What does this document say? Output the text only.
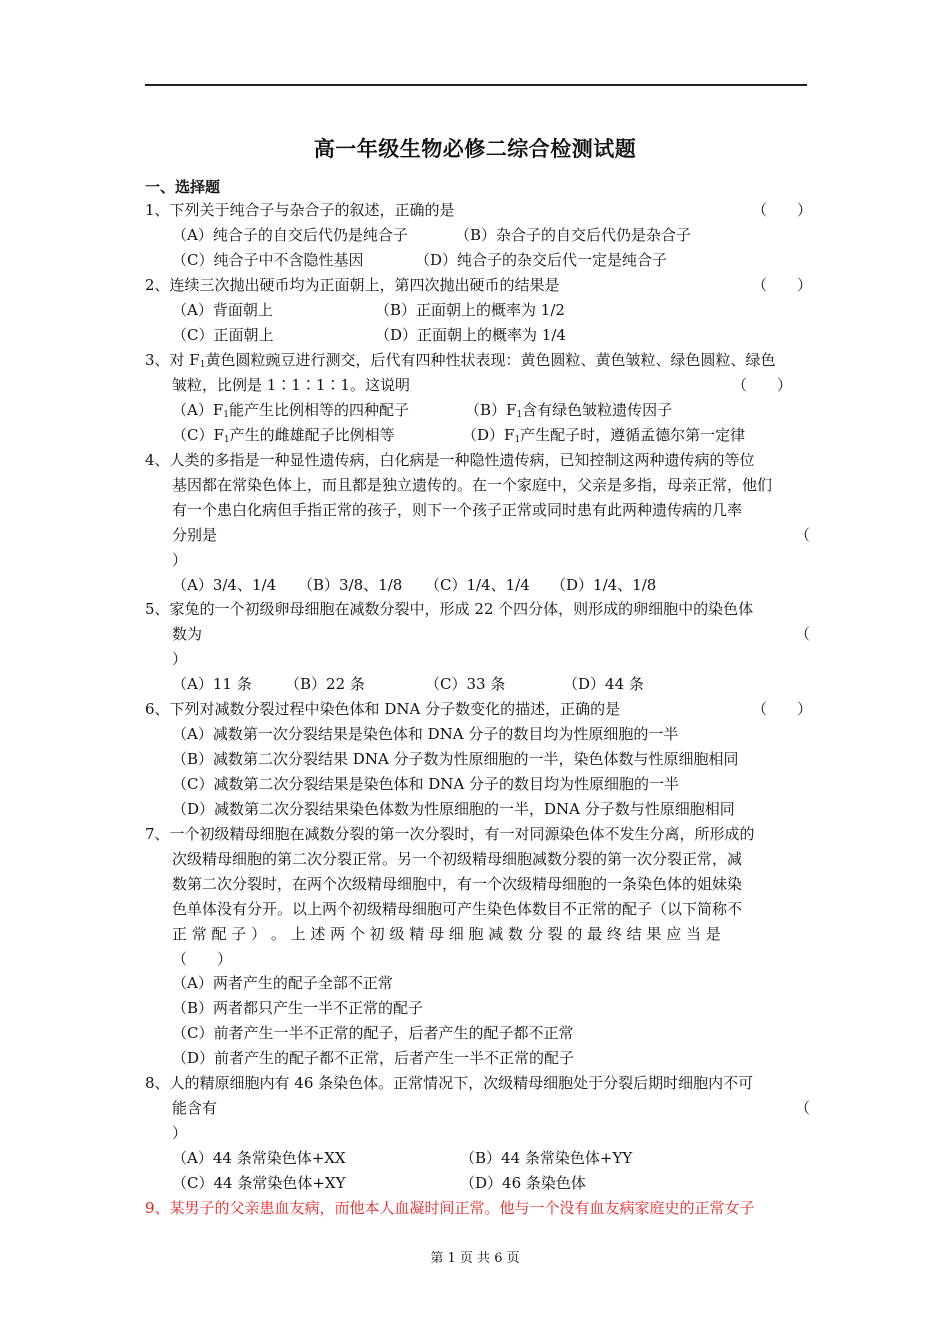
高一年级生物必修二综合检测试题
一、选择题
1、下列关于纯合子与杂合子的叙述，正确的是	（　　）
（A）纯合子的自交后代仍是纯合子	（B）杂合子的自交后代仍是杂合子
（C）纯合子中不含隐性基因	（D）纯合子的杂交后代一定是纯合子
2、连续三次抛出硬币均为正面朝上，第四次抛出硬币的结果是	（　　）
（A）背面朝上	（B）正面朝上的概率为 1/2
（C）正面朝上	（D）正面朝上的概率为 1/4
3、对 $F_1$黄色圆粒豌豆进行测交，后代有四种性状表现：黄色圆粒、黄色皱粒、绿色圆粒、绿色
皱粒，比例是 1∶1∶1∶1。这说明	（　　）
$(A)F_1$能产生比例相等的四种配子	$(B)F_1$含有绿色皱粒遗传因子
$(C)F_1$产生的雌雄配子比例相等	$(D)F_1$产生配子时，遵循孟德尔第一定律
4、人类的多指是一种显性遗传病，白化病是一种隐性遗传病，已知控制这两种遗传病的等位
基因都在常染色体上，而且都是独立遗传的。在一个家庭中，父亲是多指，母亲正常，他们
有一个患白化病但手指正常的孩子，则下一个孩子正常或同时患有此两种遗传病的几率
分别是	（
）
（A）3/4、1/4 （B）3/8、1/8 （C）1/4、1/4 （D）1/4、1/8
5、家兔的一个初级卵母细胞在减数分裂中，形成 22 个四分体，则形成的卵细胞中的染色体
数为	（
）
（A）11 条 （B）22 条	（C）33 条	（D）44 条
6、下列对减数分裂过程中染色体和 DNA 分子数变化的描述，正确的是	（　　）
（A）减数第一次分裂结果是染色体和 DNA 分子的数目均为性原细胞的一半
（B）减数第二次分裂结果 DNA 分子数为性原细胞的一半，染色体数与性原细胞相同
（C）减数第二次分裂结果是染色体和 DNA 分子的数目均为性原细胞的一半
（D）减数第二次分裂结果染色体数为性原细胞的一半，DNA 分子数与性原细胞相同
7、一个初级精母细胞在减数分裂的第一次分裂时，有一对同源染色体不发生分离，所形成的
次级精母细胞的第二次分裂正常。另一个初级精母细胞减数分裂的第一次分裂正常，减
数第二次分裂时，在两个次级精母细胞中，有一个次级精母细胞的一条染色体的姐妹染
色单体没有分开。以上两个初级精母细胞可产生染色体数目不正常的配子（以下简称不
正 常 配 子 ） 。 上 述 两 个 初 级 精 母 细 胞 减 数 分 裂 的 最 终 结 果 应 当 是
（　　）
（A）两者产生的配子全部不正常
（B）两者都只产生一半不正常的配子
（C）前者产生一半不正常的配子，后者产生的配子都不正常
（D）前者产生的配子都不正常，后者产生一半不正常的配子
8、人的精原细胞内有 46 条染色体。正常情况下，次级精母细胞处于分裂后期时细胞内不可
能含有	（
）
（A）44 条常染色体+XX	（B）44 条常染色体+YY
（C）44 条常染色体+XY	（D）46 条染色体
9、某男子的父亲患血友病，而他本人血凝时间正常。他与一个没有血友病家庭史的正常女子
第 1 页 共 6 页
